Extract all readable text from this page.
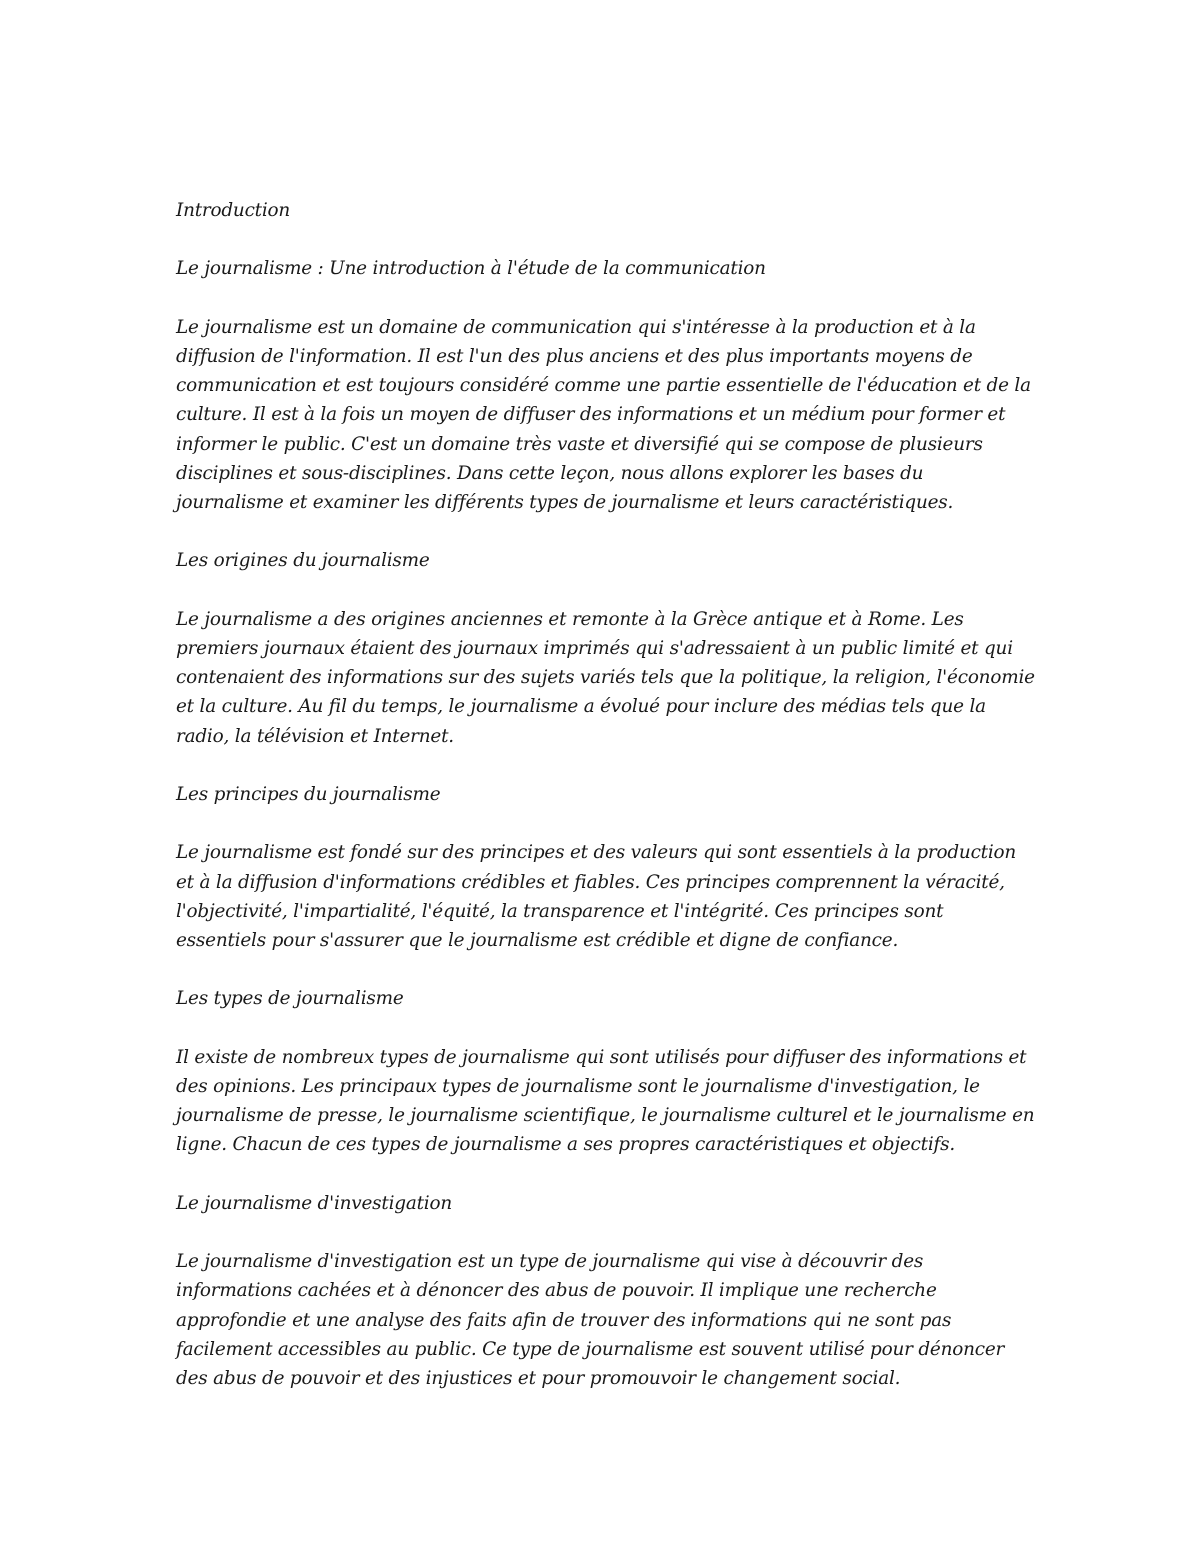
Introduction

Le journalisme : Une introduction à l'étude de la communication

Le journalisme est un domaine de communication qui s'intéresse à la production et à la diffusion de l'information. Il est l'un des plus anciens et des plus importants moyens de communication et est toujours considéré comme une partie essentielle de l'éducation et de la culture. Il est à la fois un moyen de diffuser des informations et un médium pour former et informer le public. C'est un domaine très vaste et diversifié qui se compose de plusieurs disciplines et sous-disciplines. Dans cette leçon, nous allons explorer les bases du journalisme et examiner les différents types de journalisme et leurs caractéristiques.

Les origines du journalisme

Le journalisme a des origines anciennes et remonte à la Grèce antique et à Rome. Les premiers journaux étaient des journaux imprimés qui s'adressaient à un public limité et qui contenaient des informations sur des sujets variés tels que la politique, la religion, l'économie et la culture. Au fil du temps, le journalisme a évolué pour inclure des médias tels que la radio, la télévision et Internet.

Les principes du journalisme

Le journalisme est fondé sur des principes et des valeurs qui sont essentiels à la production et à la diffusion d'informations crédibles et fiables. Ces principes comprennent la véracité, l'objectivité, l'impartialité, l'équité, la transparence et l'intégrité. Ces principes sont essentiels pour s'assurer que le journalisme est crédible et digne de confiance.

Les types de journalisme

Il existe de nombreux types de journalisme qui sont utilisés pour diffuser des informations et des opinions. Les principaux types de journalisme sont le journalisme d'investigation, le journalisme de presse, le journalisme scientifique, le journalisme culturel et le journalisme en ligne. Chacun de ces types de journalisme a ses propres caractéristiques et objectifs.

Le journalisme d'investigation

Le journalisme d'investigation est un type de journalisme qui vise à découvrir des informations cachées et à dénoncer des abus de pouvoir. Il implique une recherche approfondie et une analyse des faits afin de trouver des informations qui ne sont pas facilement accessibles au public. Ce type de journalisme est souvent utilisé pour dénoncer des abus de pouvoir et des injustices et pour promouvoir le changement social.
